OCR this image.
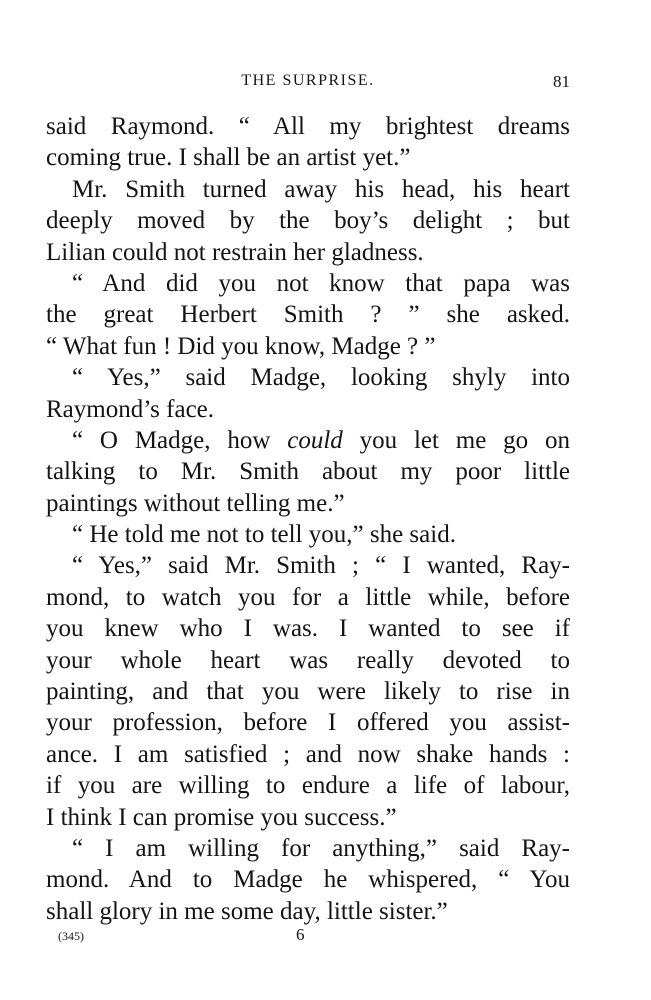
THE SURPRISE.	81
said Raymond. “ All my brightest dreams
coming true. I shall be an artist yet.”
Mr. Smith turned away his head, his heart
deeply moved by the boy’s delight ; but
Lilian could not restrain her gladness.
“ And did you not know that papa was
the great Herbert Smith ? ” she asked.
“ What fun ! Did you know, Madge ? ”
“ Yes,” said Madge, looking shyly into
Raymond’s face.
“ O Madge, how could you let me go on
talking to Mr. Smith about my poor little
paintings without telling me.”
“ He told me not to tell you,” she said.
“ Yes,” said Mr. Smith ; “ I wanted, Ray-
mond, to watch you for a little while, before
you knew who I was. I wanted to see if
your whole heart was really devoted to
painting, and that you were likely to rise in
your profession, before I offered you assist-
ance. I am satisfied ; and now shake hands :
if you are willing to endure a life of labour,
I think I can promise you success.”
“ I am willing for anything,” said Ray-
mond. And to Madge he whispered, “ You
shall glory in me some day, little sister.”
(345)	6
